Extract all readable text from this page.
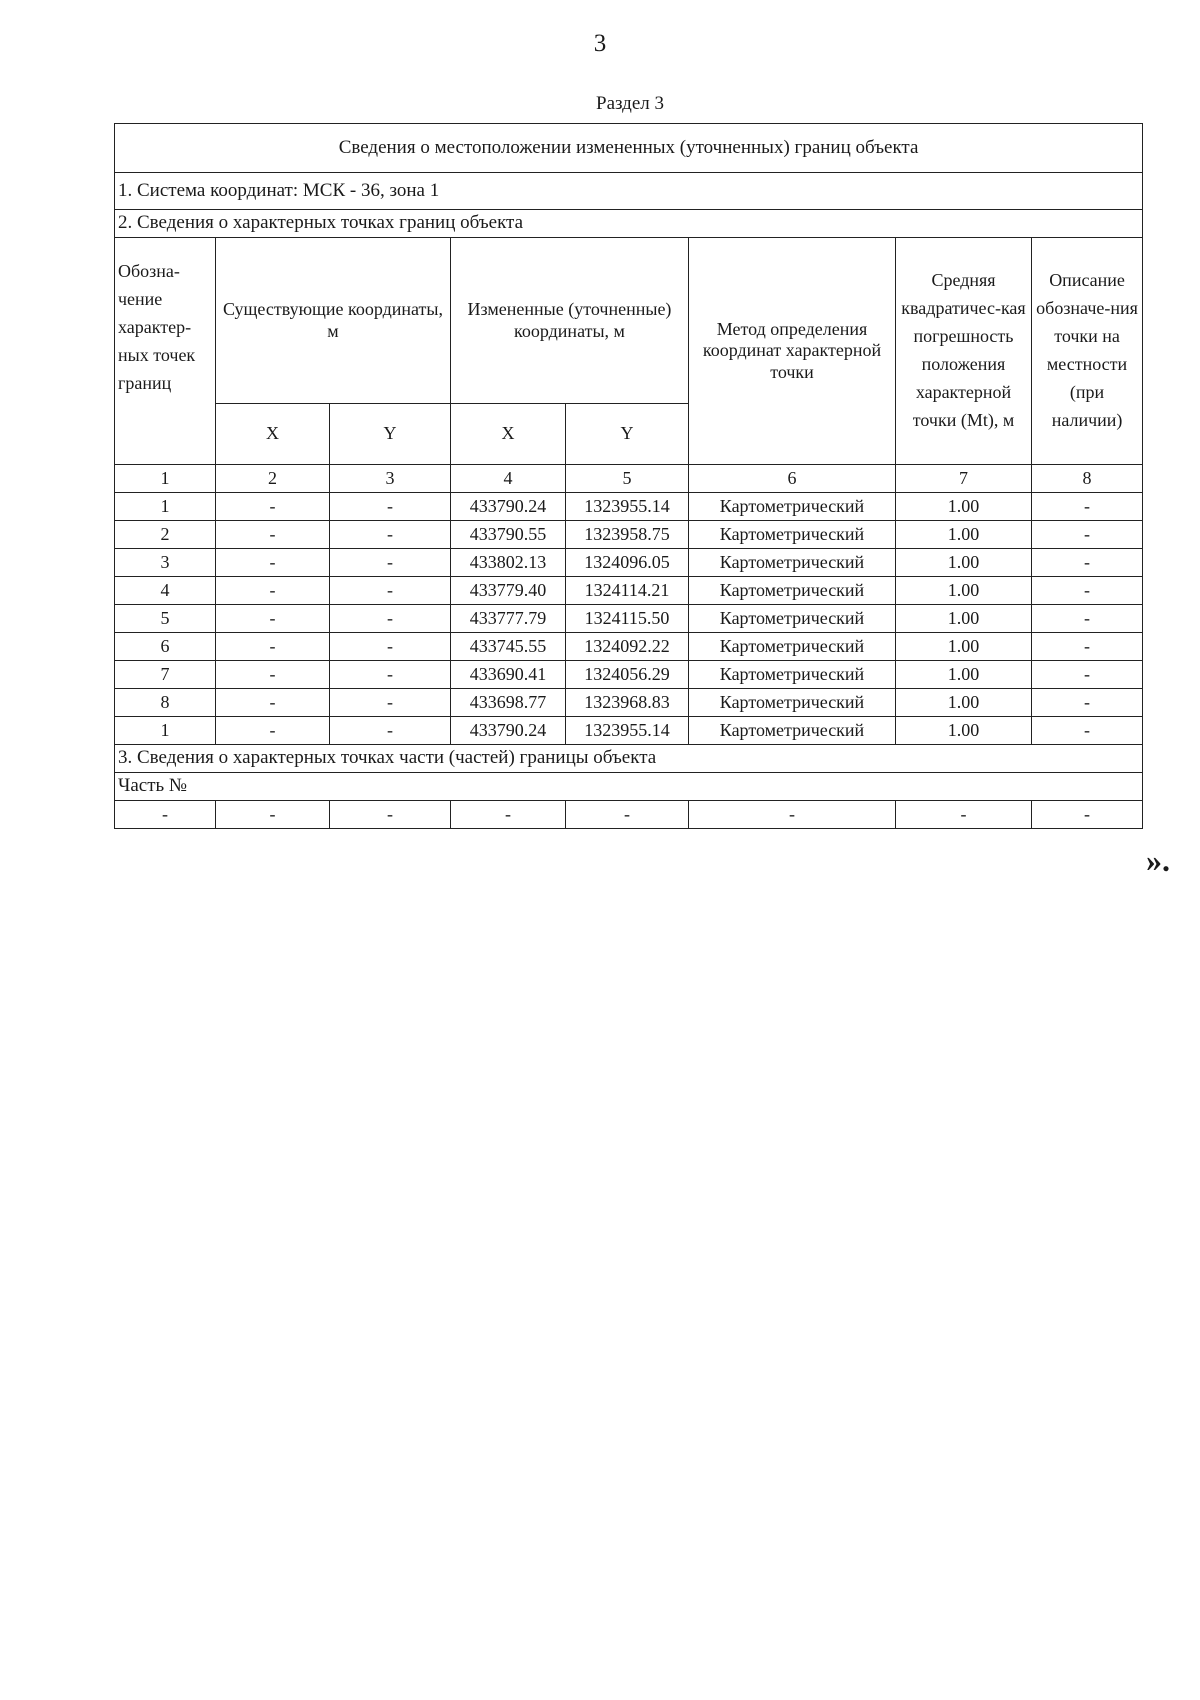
3
Раздел 3
Сведения о местоположении измененных (уточненных) границ объекта							
1. Система координат: МСК - 36, зона 1							
2. Сведения о характерных точках границ объекта							
Обозна-чение характер-ных точек границ	Существующие координаты, м		Измененные (уточненные) координаты, м		Метод определения координат характерной точки	Средняя квадратичес-кая погрешность положения характерной точки (Mt), м	Описание обозначе-ния точки на местности (при наличии)
	X	Y	X	Y			
1	2	3	4	5	6	7	8
1	-	-	433790.24	1323955.14	Картометрический	1.00	-
2	-	-	433790.55	1323958.75	Картометрический	1.00	-
3	-	-	433802.13	1324096.05	Картометрический	1.00	-
4	-	-	433779.40	1324114.21	Картометрический	1.00	-
5	-	-	433777.79	1324115.50	Картометрический	1.00	-
6	-	-	433745.55	1324092.22	Картометрический	1.00	-
7	-	-	433690.41	1324056.29	Картометрический	1.00	-
8	-	-	433698.77	1323968.83	Картометрический	1.00	-
1	-	-	433790.24	1323955.14	Картометрический	1.00	-
3. Сведения о характерных точках части (частей) границы объекта							
Часть №							
-	-	-	-	-	-	-	-
».
